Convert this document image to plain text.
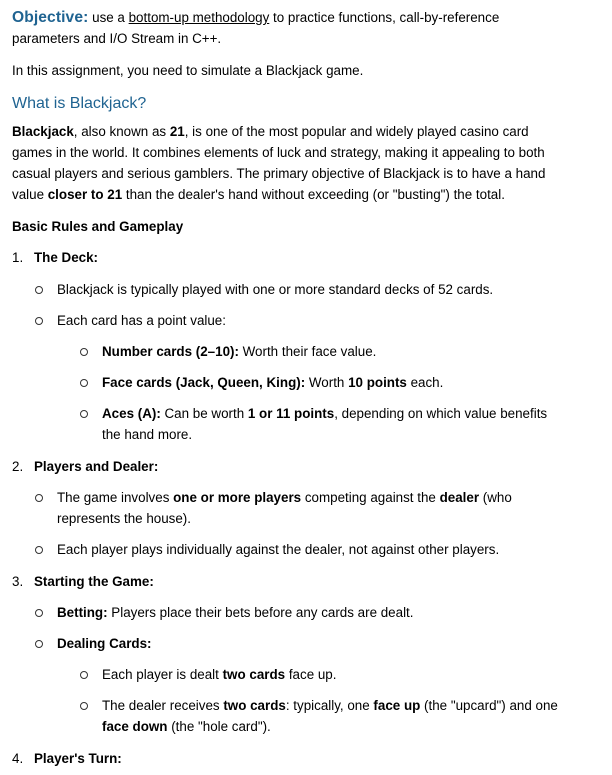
Objective: use a bottom-up methodology to practice functions, call-by-reference

parameters and I/O Stream in C++.

In this assignment, you need to simulate a Blackjack game.

What is Blackjack?

Blackjack, also known as 21, is one of the most popular and widely played casino card

games in the world. It combines elements of luck and strategy, making it appealing to both

casual players and serious gamblers. The primary objective of Blackjack is to have a hand

value closer to 21 than the dealer's hand without exceeding (or "busting") the total.

Basic Rules and Gameplay

1. The Deck:
Blackjack is typically played with one or more standard decks of 52 cards.
Each card has a point value:
Number cards (2–10): Worth their face value.
Face cards (Jack, Queen, King): Worth 10 points each.
Aces (A): Can be worth 1 or 11 points, depending on which value benefits
the hand more.
2. Players and Dealer:
The game involves one or more players competing against the dealer (who
represents the house).
Each player plays individually against the dealer, not against other players.
3. Starting the Game:
Betting: Players place their bets before any cards are dealt.
Dealing Cards:
Each player is dealt two cards face up.
The dealer receives two cards: typically, one face up (the "upcard") and one
face down (the "hole card").
4. Player's Turn:
